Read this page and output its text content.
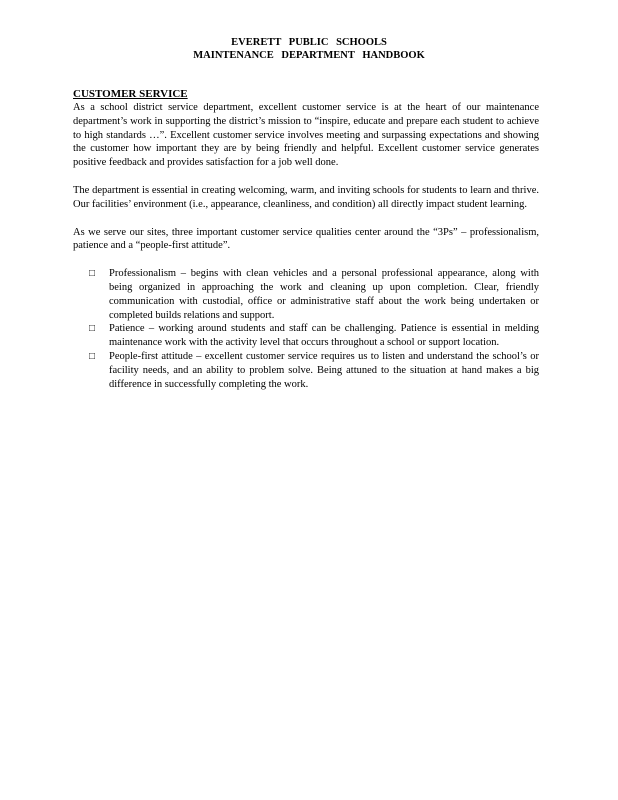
EVERETT PUBLIC SCHOOLS
MAINTENANCE DEPARTMENT HANDBOOK
CUSTOMER SERVICE

As a school district service department, excellent customer service is at the heart of our maintenance department’s work in supporting the district’s mission to “inspire, educate and prepare each student to achieve to high standards …”. Excellent customer service involves meeting and surpassing expectations and showing the customer how important they are by being friendly and helpful. Excellent customer service generates positive feedback and provides satisfaction for a job well done.

The department is essential in creating welcoming, warm, and inviting schools for students to learn and thrive. Our facilities’ environment (i.e., appearance, cleanliness, and condition) all directly impact student learning.

As we serve our sites, three important customer service qualities center around the “3Ps” – professionalism, patience and a “people-first attitude”.

□ Professionalism – begins with clean vehicles and a personal professional appearance, along with being organized in approaching the work and cleaning up upon completion. Clear, friendly communication with custodial, office or administrative staff about the work being undertaken or completed builds relations and support.
□ Patience – working around students and staff can be challenging. Patience is essential in melding maintenance work with the activity level that occurs throughout a school or support location.
□ People-first attitude – excellent customer service requires us to listen and understand the school’s or facility needs, and an ability to problem solve. Being attuned to the situation at hand makes a big difference in successfully completing the work.
